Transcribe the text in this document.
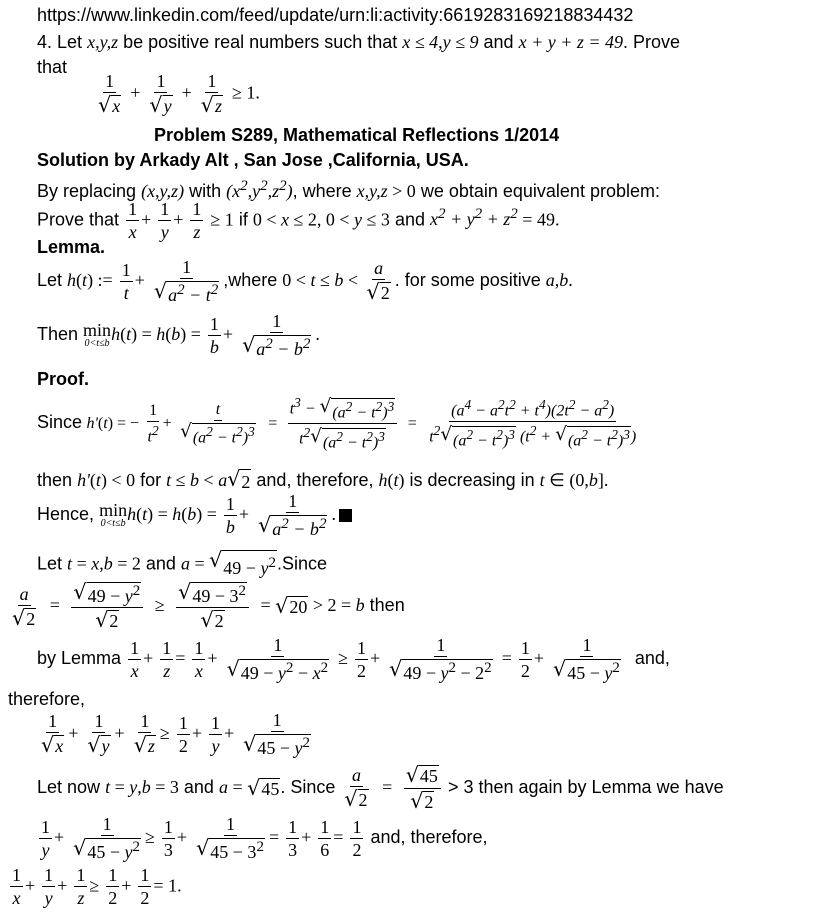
https://www.linkedin.com/feed/update/urn:li:activity:6619283169218834432
4. Let x,y,z be positive real numbers such that x ≤ 4,y ≤ 9 and x + y + z = 49. Prove
that
$\frac{1}{√ x} + \frac{1}{√ y} + \frac{1}{√ z} \ge 1$.
Problem S289, Mathematical Reflections 1/2014
Solution by Arkady Alt , San Jose ,California, USA.
By replacing (x,y,z) with $(x^2,y^2,z^2)$, where x,y,z > 0 we obtain equivalent problem:
Prove that $\frac{1}{x} + \frac{1}{y} + \frac{1}{z} \ge 1$ if 0 < x ≤ 2, 0 < y ≤ 3 and $x^2 + y^2 + z^2 = 49$.
Lemma.
Let h(t) := $\frac{1}{t} + \frac{1}{√ a^2 - t^2}$ ,where $0 < t \le b < \frac{a}{√ 2}$ . for some positive a,b.
Then min
0<t≤b $h(t) = h(b) = \frac{1}{b} + \frac{1}{√ a^2 - b^2}$ .
Proof.
Since h'(t) = − $\frac{1}{t^2} + \frac{t}{√ (a^2 - t^2)^3} = \frac{t^3 - √ (a^2 - t^2)^3}{t^2 √ (a^2 - t^2)^3} = \frac{(a^4 - a^2t^2 + t^4)(2t^2 - a^2)}{t^2 √ (a^2 - t^2)^3 (t^2 + √ (a^2 - t^2)^3 )}$
then h'(t) < 0 for t ≤ b < a √ 2 and, therefore, h(t) is decreasing in t ∈ (0,b].
Hence, min
0<t≤b $h(t) = h(b) = \frac{1}{b} + \frac{1}{√ a^2 - b^2}$ .
Let t = x,b = 2 and a = √ $49 - y^2$ .Since
$\frac{a}{√ 2} = \frac{√ 49 - y^2}{√ 2} \ge \frac{√ 49 - 3^2}{√ 2}$ = √ 20 > 2 = b then
by Lemma $\frac{1}{x} + \frac{1}{z} = \frac{1}{x} + \frac{1}{√ 49 - y^2 - x^2} \ge \frac{1}{2} + \frac{1}{√ 49 - y^2 - 2^2} = \frac{1}{2} + \frac{1}{√ 45 - y^2}$ and,
therefore,
$\frac{1}{√ x} + \frac{1}{√ y} + \frac{1}{√ z} \ge \frac{1}{2} + \frac{1}{y} + \frac{1}{√ 45 - y^2}$
Let now t = y,b = 3 and a = √ 45 . Since $\frac{a}{√ 2} = \frac{√ 45}{√ 2} > 3$ then again by Lemma we have
$\frac{1}{y} + \frac{1}{√ 45 - y^2} \ge \frac{1}{3} + \frac{1}{√ 45 - 3^2} = \frac{1}{3} + \frac{1}{6} = \frac{1}{2}$ and, therefore,
$\frac{1}{x} + \frac{1}{y} + \frac{1}{z} \ge \frac{1}{2} + \frac{1}{2} = 1$.
